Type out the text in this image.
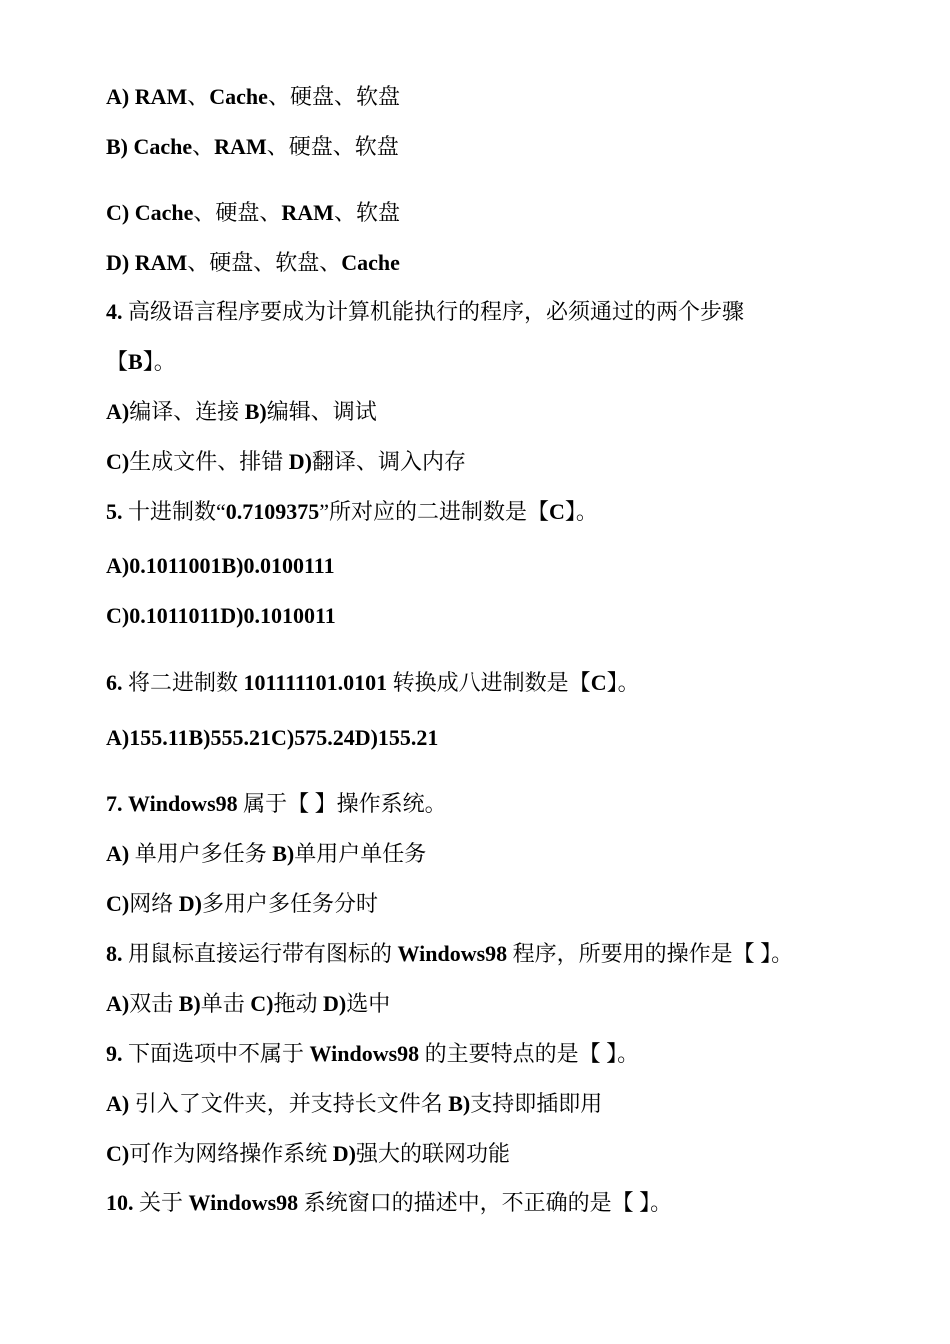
A) RAM、Cache、硬盘、软盘

B) Cache、RAM、硬盘、软盘

C) Cache、硬盘、RAM、软盘

D) RAM、硬盘、软盘、Cache

4. 高级语言程序要成为计算机能执行的程序，必须通过的两个步骤

【B】。

A)编译、连接 B)编辑、调试

C)生成文件、排错 D)翻译、调入内存

5. 十进制数“0.7109375”所对应的二进制数是【C】。

A)0.1011001B)0.0100111

C)0.1011011D)0.1010011

6. 将二进制数 101111101.0101 转换成八进制数是【C】。

A)155.11B)555.21C)575.24D)155.21

7. Windows98 属于【 】操作系统。

A) 单用户多任务 B)单用户单任务

C)网络 D)多用户多任务分时

8. 用鼠标直接运行带有图标的 Windows98 程序，所要用的操作是【 】。

A)双击 B)单击 C)拖动 D)选中

9. 下面选项中不属于 Windows98 的主要特点的是【 】。

A) 引入了文件夹，并支持长文件名 B)支持即插即用

C)可作为网络操作系统 D)强大的联网功能

10. 关于 Windows98 系统窗口的描述中，不正确的是【 】。
